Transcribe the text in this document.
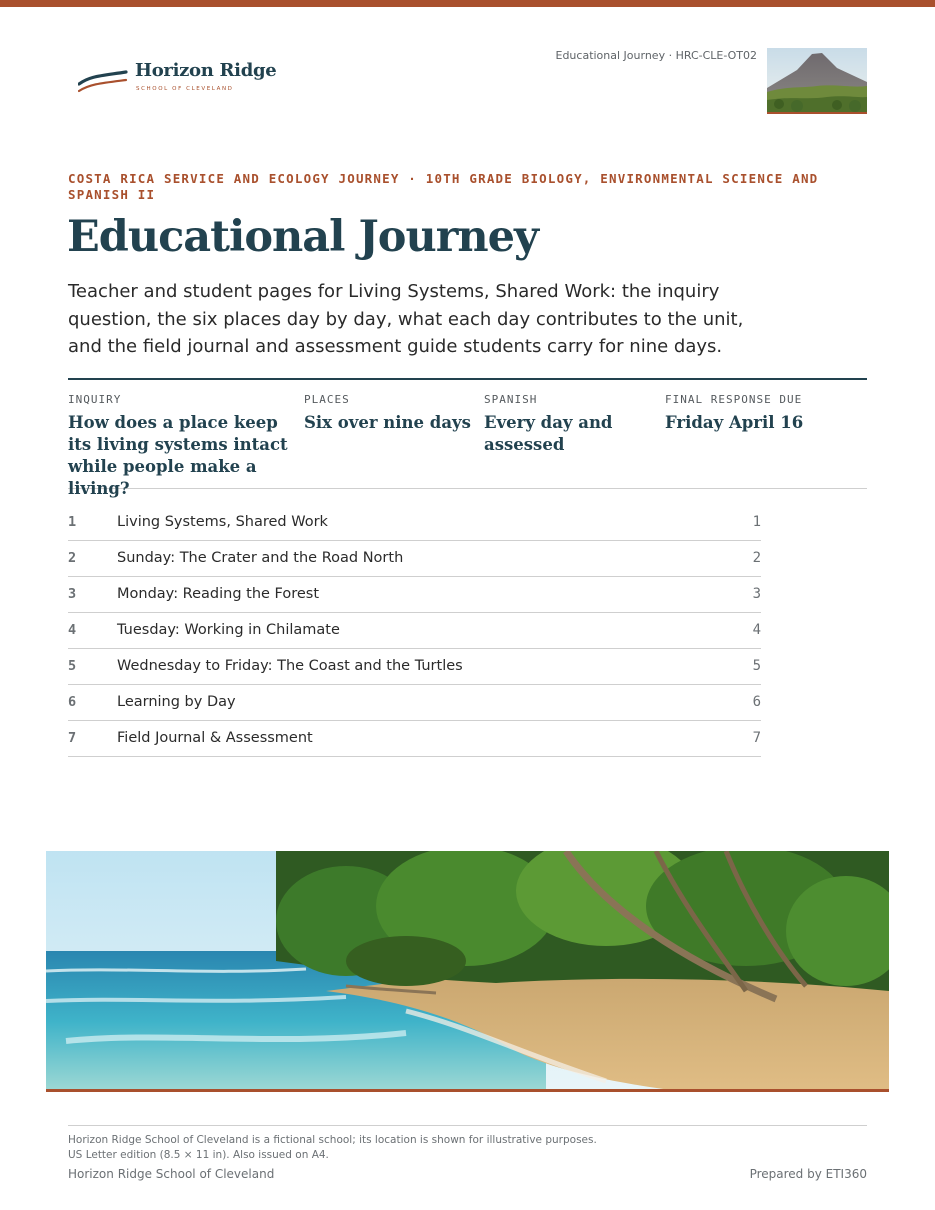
Horizon Ridge
SCHOOL OF CLEVELAND
Educational Journey · HRC-CLE-OT02
COSTA RICA SERVICE AND ECOLOGY JOURNEY · 10TH GRADE BIOLOGY, ENVIRONMENTAL SCIENCE AND SPANISH II
Educational Journey

Teacher and student pages for Living Systems, Shared Work: the inquiry question, the six places day by day, what each day contributes to the unit, and the field journal and assessment guide students carry for nine days.

INQUIRY
How does a place keep its living systems intact while people make a living?
PLACES
Six over nine days
SPANISH
Every day and assessed
FINAL RESPONSE DUE
Friday April 16
1	Living Systems, Shared Work	1
2	Sunday: The Crater and the Road North	2
3	Monday: Reading the Forest	3
4	Tuesday: Working in Chilamate	4
5	Wednesday to Friday: The Coast and the Turtles	5
6	Learning by Day	6
7	Field Journal & Assessment	7
Horizon Ridge School of Cleveland is a fictional school; its location is shown for illustrative purposes.
US Letter edition (8.5 × 11 in). Also issued on A4.
Horizon Ridge School of Cleveland	Prepared by ETI360
